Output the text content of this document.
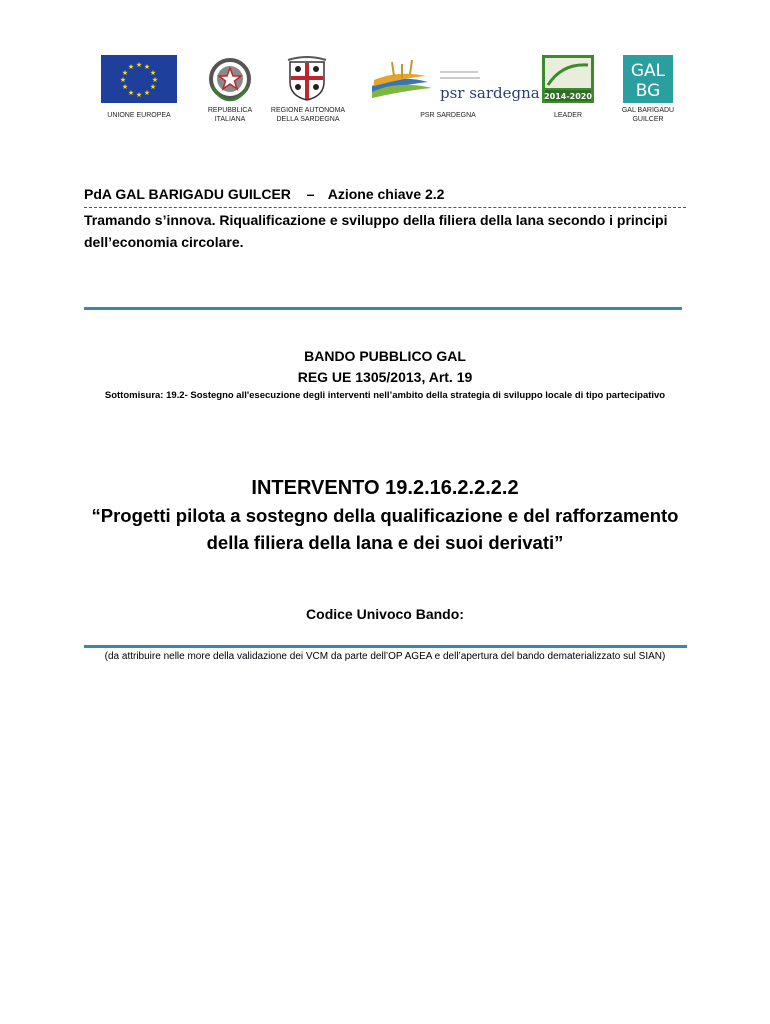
★ ★
★
★
★
★
★
★
★
★
★
★
UNIONE EUROPEA
REPUBBLICA ITALIANA
REGIONE AUTONOMA DELLA SARDEGNA
psr sardegna
PSR SARDEGNA
2014-2020
LEADER
GAL
BG
GAL BARIGADU GUILCER
PdA GAL BARIGADU GUILCER – Azione chiave 2.2
Tramando s’innova. Riqualificazione e sviluppo della filiera della lana secondo i principi dell’economia circolare.
BANDO PUBBLICO GAL
REG UE 1305/2013, Art. 19
Sottomisura: 19.2- Sostegno all'esecuzione degli interventi nell’ambito della strategia di sviluppo locale di tipo partecipativo
INTERVENTO 19.2.16.2.2.2.2
“Progetti pilota a sostegno della qualificazione e del rafforzamento della filiera della lana e dei suoi derivati”
Codice Univoco Bando:
(da attribuire nelle more della validazione dei VCM da parte dell’OP AGEA e dell’apertura del bando dematerializzato sul SIAN)
